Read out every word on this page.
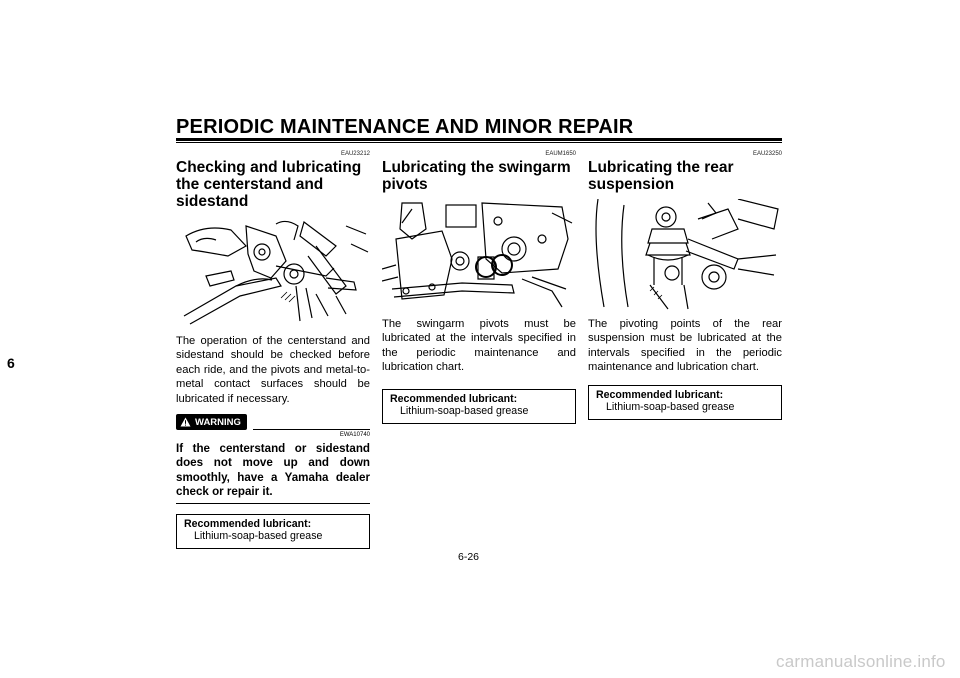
PERIODIC MAINTENANCE AND MINOR REPAIR
6
EAU23212
Checking and lubricating the centerstand and sidestand
The operation of the centerstand and sidestand should be checked before each ride, and the pivots and metal-to-metal contact surfaces should be lubricated if necessary.
WARNING
EWA10740
If the centerstand or sidestand does not move up and down smoothly, have a Yamaha dealer check or repair it.
Recommended lubricant:
Lithium-soap-based grease
EAUM1650
Lubricating the swingarm pivots
The swingarm pivots must be lubricated at the intervals specified in the periodic maintenance and lubrication chart.
Recommended lubricant:
Lithium-soap-based grease
EAU23250
Lubricating the rear suspension
The pivoting points of the rear suspension must be lubricated at the intervals specified in the periodic maintenance and lubrication chart.
Recommended lubricant:
Lithium-soap-based grease
6-26
carmanualsonline.info
